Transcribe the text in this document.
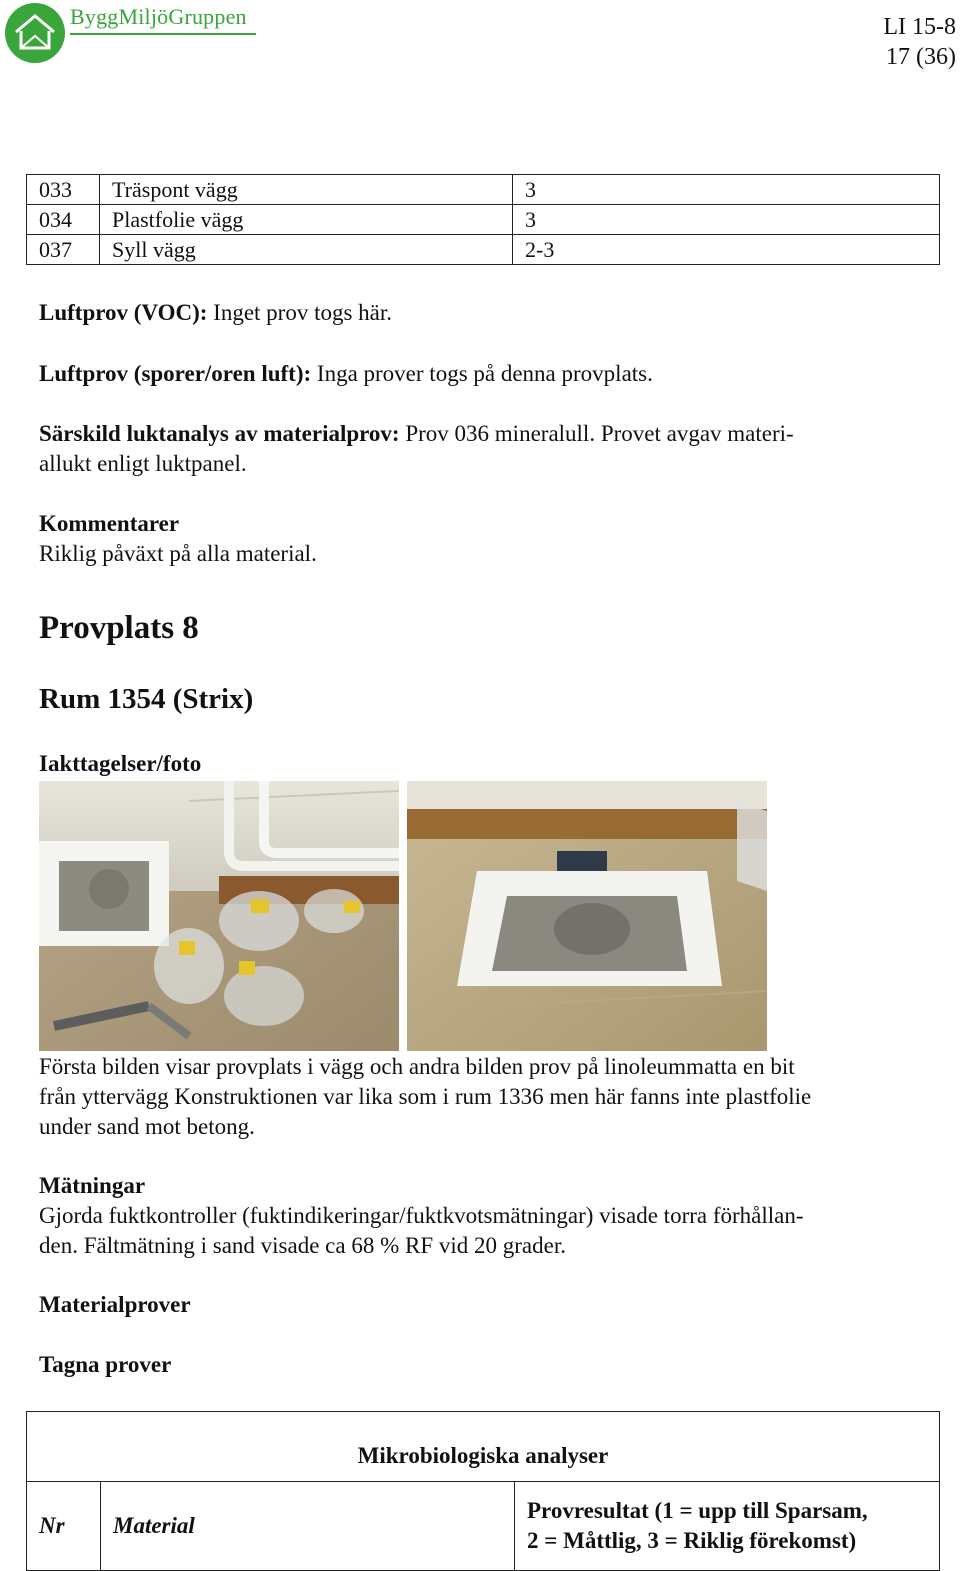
ByggMiljöGruppen	LI 15-8
17 (36)
033	Träspont vägg	3
034	Plastfolie vägg	3
037	Syll vägg	2-3
Luftprov (VOC): Inget prov togs här.
Luftprov (sporer/oren luft): Inga prover togs på denna provplats.
Särskild luktanalys av materialprov: Prov 036 mineralull. Provet avgav materi-
allukt enligt luktpanel.
Kommentarer
Riklig påväxt på alla material.
Provplats 8
Rum 1354 (Strix)
Iakttagelser/foto
Första bilden visar provplats i vägg och andra bilden prov på linoleummatta en bit
från yttervägg Konstruktionen var lika som i rum 1336 men här fanns inte plastfolie
under sand mot betong.
Mätningar
Gjorda fuktkontroller (fuktindikeringar/fuktkvotsmätningar) visade torra förhållan-
den. Fältmätning i sand visade ca 68 % RF vid 20 grader.
Materialprover
Tagna prover
Mikrobiologiska analyser
Nr	Material	Provresultat (1 = upp till Sparsam,
2 = Måttlig, 3 = Riklig förekomst)
